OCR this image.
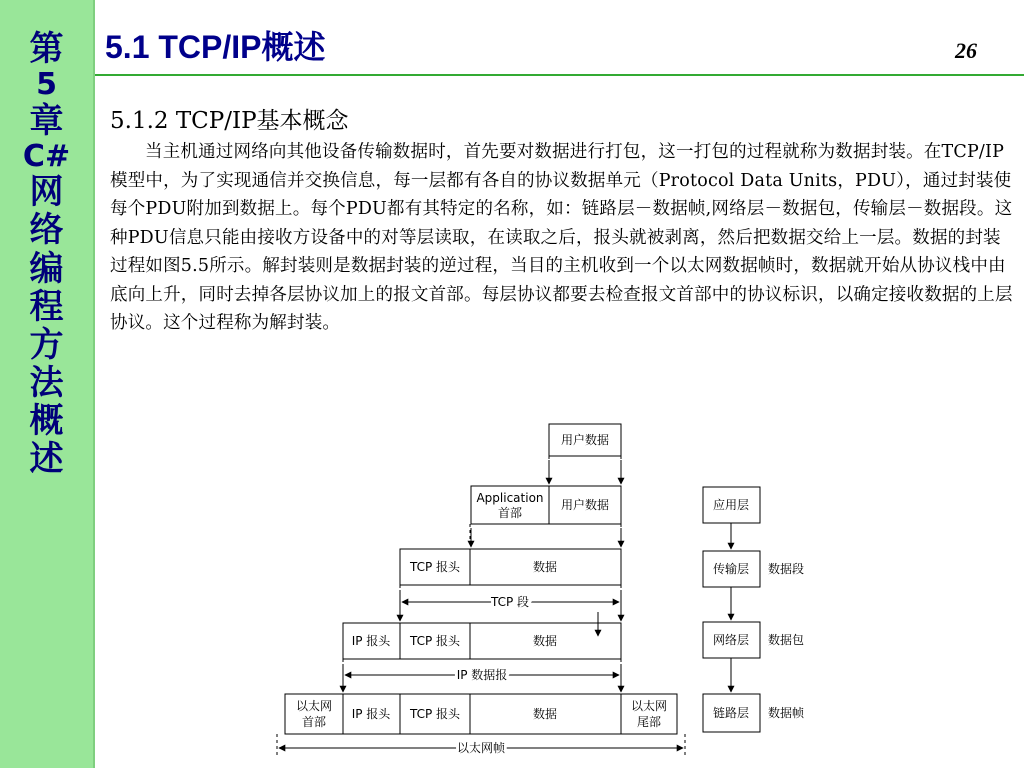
第
5
章
C#
网
络
编
程
方
法
概
述
5.1 TCP/IP概述	26
5.1.2 TCP/IP基本概念

当主机通过网络向其他设备传输数据时，首先要对数据进行打包，这一打包的过程就称为数据封装。在TCP/IP模型中，为了实现通信并交换信息，每一层都有各自的协议数据单元（Protocol Data Units，PDU），通过封装使每个PDU附加到数据上。每个PDU都有其特定的名称，如：链路层－数据帧,网络层－数据包，传输层－数据段。这种PDU信息只能由接收方设备中的对等层读取，在读取之后，报头就被剥离，然后把数据交给上一层。数据的封装过程如图5.5所示。解封装则是数据封装的逆过程，当目的主机收到一个以太网数据帧时，数据就开始从协议栈中由底向上升，同时去掉各层协议加上的报文首部。每层协议都要去检查报文首部中的协议标识，以确定接收数据的上层协议。这个过程称为解封装。

用户数据
Application
首部
用户数据
TCP 报头	数据
TCP 段
IP 报头 TCP 报头	数据
IP 数据报
以太网
首部
IP 报头 TCP 报头	数据
以太网
尾部
以太网帧
应用层
传输层
网络层
链路层
数据段
数据包
数据帧
